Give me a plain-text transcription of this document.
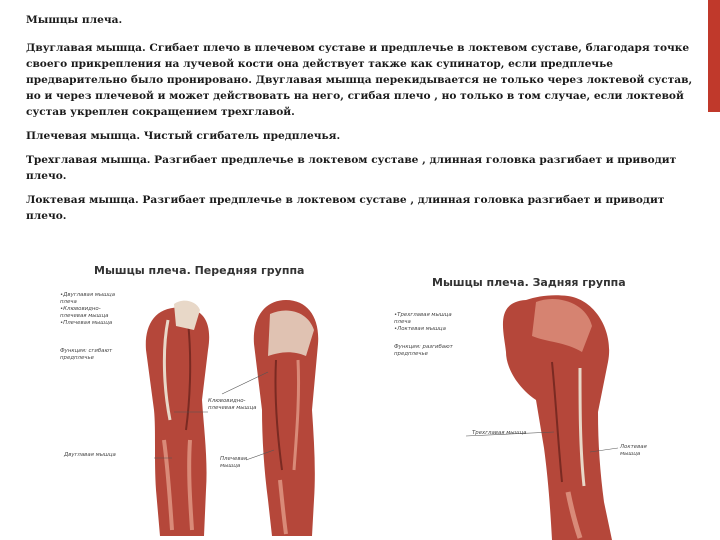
Мышцы плеча.

Двуглавая мышца. Сгибает плечо в плечевом суставе и предплечье в локтевом суставе, благодаря точке своего прикрепления на лучевой кости она действует также как супинатор, если предплечье предварительно было пронировано. Двуглавая мышца перекидывается не только через локтевой сустав, но и через плечевой и может действовать на него, сгибая плечо , но только в том случае, если локтевой сустав укреплен сокращением трехглавой.

Плечевая мышца. Чистый сгибатель предплечья.

Трехглавая мышца. Разгибает предплечье в локтевом суставе , длинная головка разгибает и приводит плечо.

Локтевая мышца. Разгибает предплечье в локтевом суставе , длинная головка разгибает и приводит плечо.

Мышцы плеча. Передняя группа
•Двуглавая мышца
плеча
•Клювовидно-
плечевая мышца
•Плечевая мышца
Функция: сгибают
предплечье
Клювовидно-
плечевая мышца
Двуглавая мышца
Плечевая
мышца
Мышцы плеча. Задняя группа
•Трехглавая мышца
плеча
•Локтевая мышца
Функция: разгибают
предплечье
Трехглавая мышца
Локтевая
мышца
